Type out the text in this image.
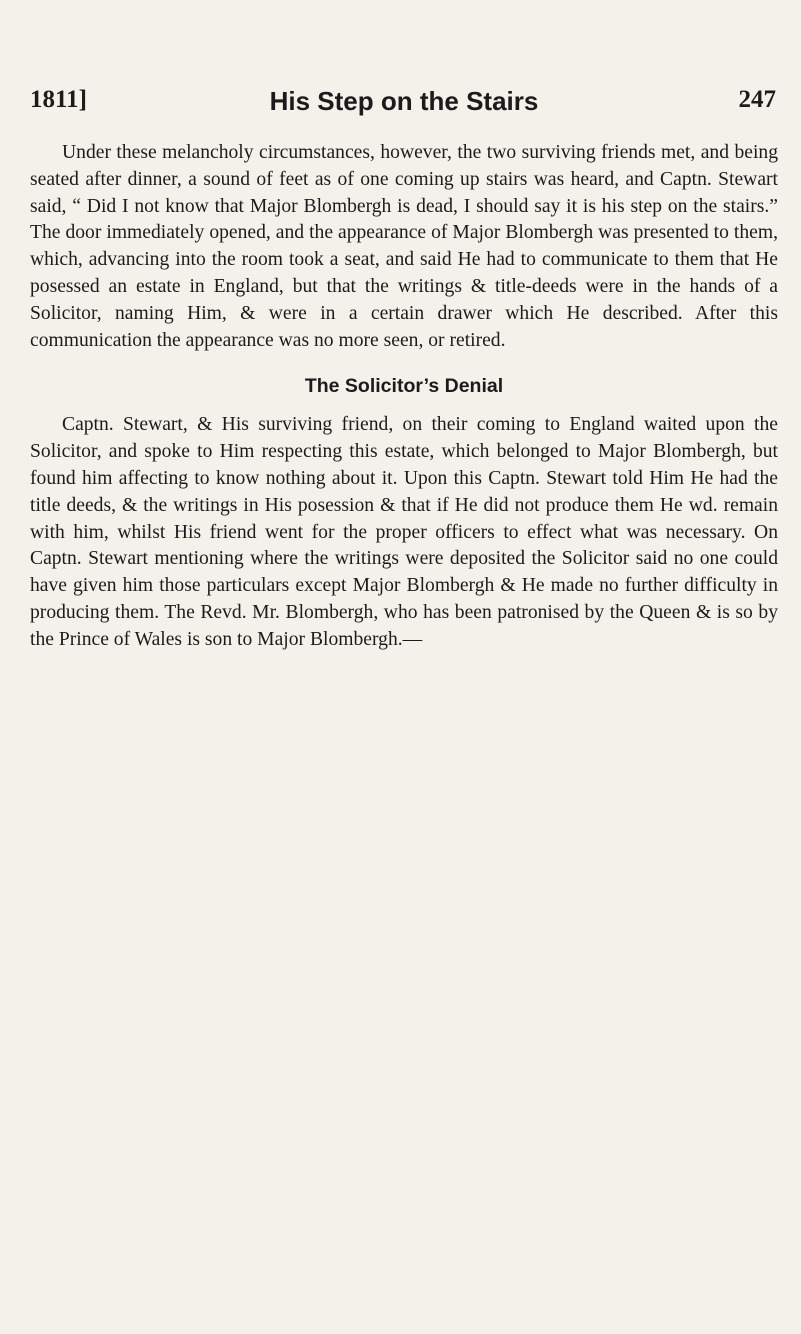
1811]	His Step on the Stairs	247

Under these melancholy circumstances, however, the two surviving friends met, and being seated after dinner, a sound of feet as of one coming up stairs was heard, and Captn. Stewart said, “ Did I not know that Major Blombergh is dead, I should say it is his step on the stairs.” The door immediately opened, and the appearance of Major Blombergh was presented to them, which, advancing into the room took a seat, and said He had to communicate to them that He posessed an estate in England, but that the writings & title-deeds were in the hands of a Solicitor, naming Him, & were in a certain drawer which He described. After this communication the appearance was no more seen, or retired.

The Solicitor’s Denial

Captn. Stewart, & His surviving friend, on their coming to England waited upon the Solicitor, and spoke to Him respecting this estate, which belonged to Major Blombergh, but found him affecting to know nothing about it. Upon this Captn. Stewart told Him He had the title deeds, & the writings in His posession & that if He did not produce them He wd. remain with him, whilst His friend went for the proper officers to effect what was necessary. On Captn. Stewart mentioning where the writings were deposited the Solicitor said no one could have given him those particulars except Major Blombergh & He made no further difficulty in producing them. The Revd. Mr. Blombergh, who has been patronised by the Queen & is so by the Prince of Wales is son to Major Blombergh.—
